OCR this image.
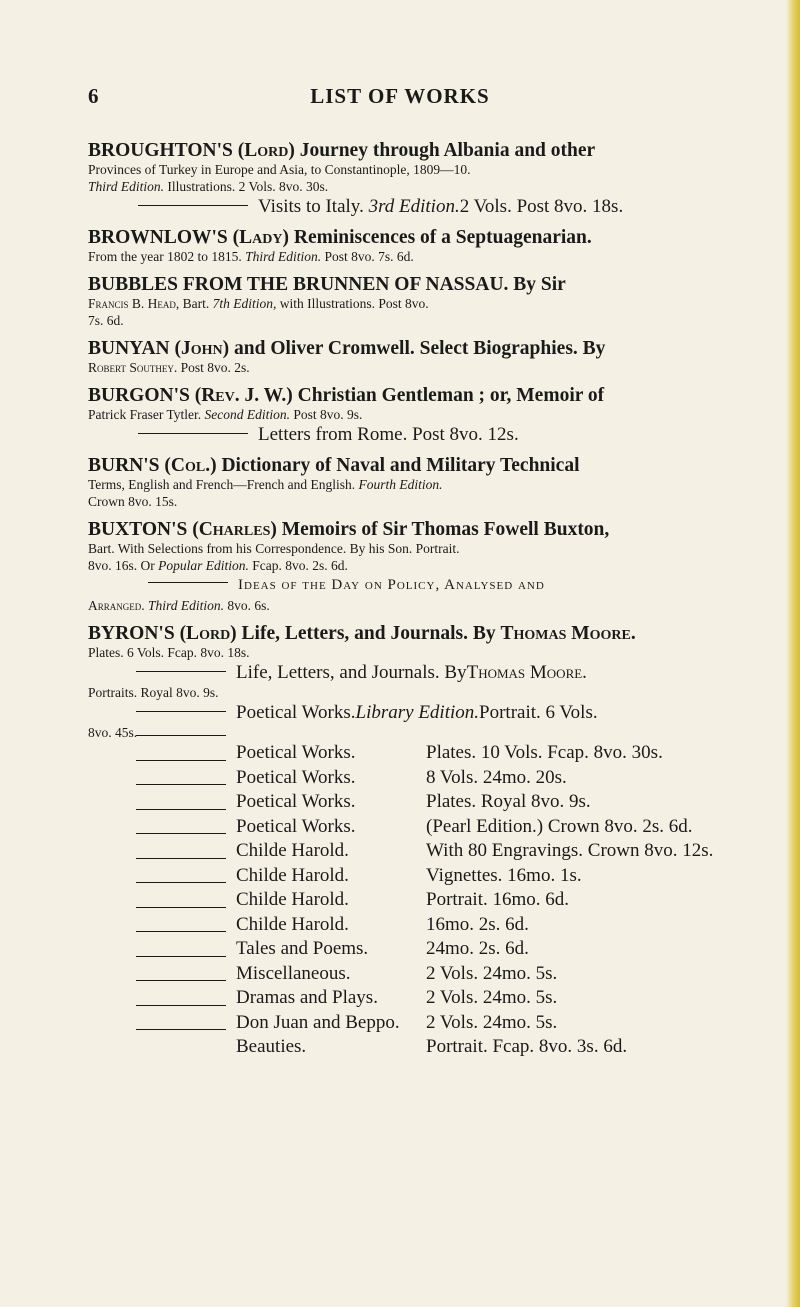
6	LIST OF WORKS
BROUGHTON'S (Lord) Journey through Albania and other
Provinces of Turkey in Europe and Asia, to Constantinople, 1809—10.
Third Edition. Illustrations. 2 Vols. 8vo. 30s.
Visits to Italy.
3rd Edition. 2 Vols. Post 8vo. 18s.
BROWNLOW'S (Lady) Reminiscences of a Septuagenarian.
From the year 1802 to 1815. Third Edition. Post 8vo. 7s. 6d.
BUBBLES FROM THE BRUNNEN OF NASSAU. By Sir
Francis B. Head, Bart. 7th Edition, with Illustrations. Post 8vo.
7s. 6d.
BUNYAN (John) and Oliver Cromwell. Select Biographies. By
Robert Southey. Post 8vo. 2s.
BURGON'S (Rev. J. W.) Christian Gentleman ; or, Memoir of
Patrick Fraser Tytler. Second Edition. Post 8vo. 9s.
Letters from Rome. Post 8vo. 12s.
BURN'S (Col.) Dictionary of Naval and Military Technical
Terms, English and French—French and English. Fourth Edition.
Crown 8vo. 15s.
BUXTON'S (Charles) Memoirs of Sir Thomas Fowell Buxton,
Bart. With Selections from his Correspondence. By his Son. Portrait.
8vo. 16s. Or Popular Edition. Fcap. 8vo. 2s. 6d.
Ideas of the Day on Policy, Analysed and
Arranged. Third Edition. 8vo. 6s.
BYRON'S (Lord) Life, Letters, and Journals. By Thomas Moore.
Plates. 6 Vols. Fcap. 8vo. 18s.
Life, Letters, and Journals. By Thomas Moore.
Portraits. Royal 8vo. 9s.
Poetical Works. Library Edition. Portrait. 6 Vols.
8vo. 45s.
Poetical Works.	Plates. 10 Vols. Fcap. 8vo. 30s.
Poetical Works.	8 Vols. 24mo. 20s.
Poetical Works.	Plates. Royal 8vo. 9s.
Poetical Works.	(Pearl Edition.) Crown 8vo. 2s. 6d.
Childe Harold.	With 80 Engravings. Crown 8vo. 12s.
Childe Harold.	Vignettes. 16mo. 1s.
Childe Harold.	Portrait. 16mo. 6d.
Childe Harold.	16mo. 2s. 6d.
Tales and Poems.	24mo. 2s. 6d.
Miscellaneous.	2 Vols. 24mo. 5s.
Dramas and Plays.	2 Vols. 24mo. 5s.
Don Juan and Beppo.	2 Vols. 24mo. 5s.
Beauties.	Portrait. Fcap. 8vo. 3s. 6d.
